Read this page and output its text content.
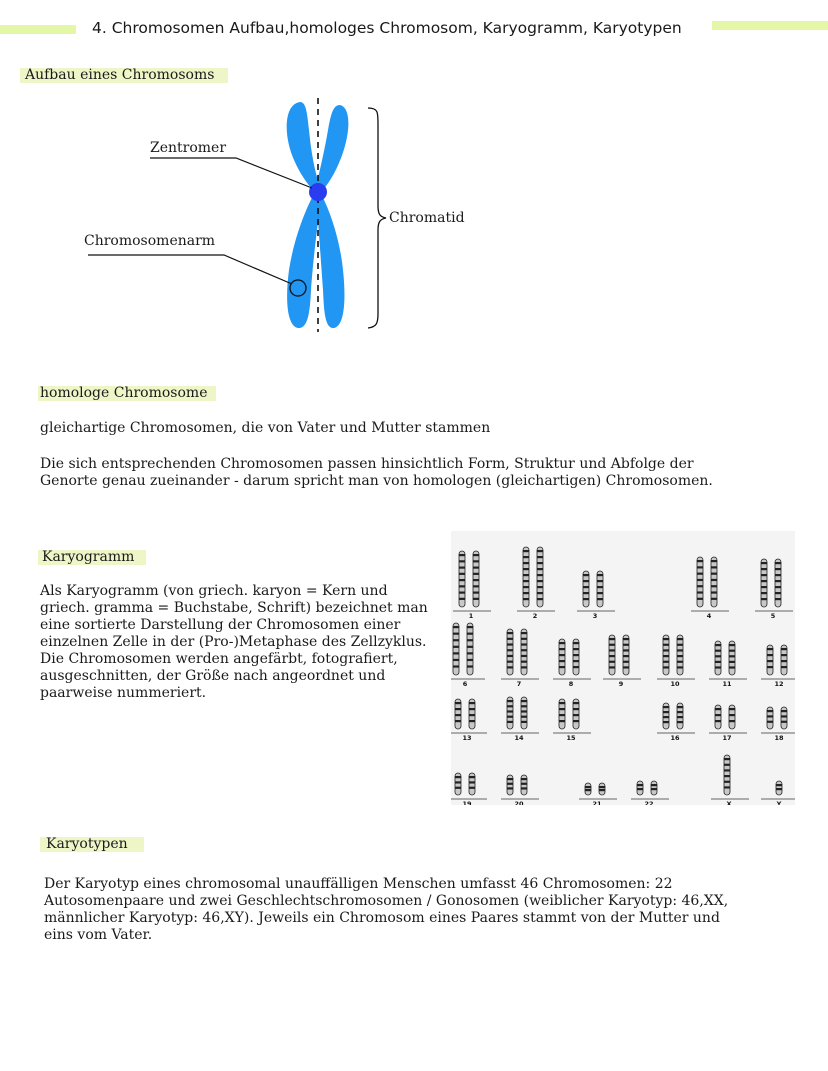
4. Chromosomen Aufbau,homologes Chromosom, Karyogramm, Karyotypen
Aufbau eines Chromosoms
Zentromer
Chromosomenarm
Chromatid
homologe Chromosome
gleichartige Chromosomen, die von Vater und Mutter stammen
Die sich entsprechenden Chromosomen passen hinsichtlich Form, Struktur und Abfolge der
Genorte genau zueinander - darum spricht man von homologen (gleichartigen) Chromosomen.
Karyogramm
Als Karyogramm (von griech. karyon = Kern und
griech. gramma = Buchstabe, Schrift) bezeichnet man
eine sortierte Darstellung der Chromosomen einer
einzelnen Zelle in der (Pro-)Metaphase des Zellzyklus.
Die Chromosomen werden angefärbt, fotografiert,
ausgeschnitten, der Größe nach angeordnet und
paarweise nummeriert.
1	2	3	4	5
6	7	8	9	10	11	12
13	14	15	16	17	18
19	20	21	22	X	Y
Karyotypen
Der Karyotyp eines chromosomal unauffälligen Menschen umfasst 46 Chromosomen: 22
Autosomenpaare und zwei Geschlechtschromosomen / Gonosomen (weiblicher Karyotyp: 46,XX,
männlicher Karyotyp: 46,XY). Jeweils ein Chromosom eines Paares stammt von der Mutter und
eins vom Vater.
